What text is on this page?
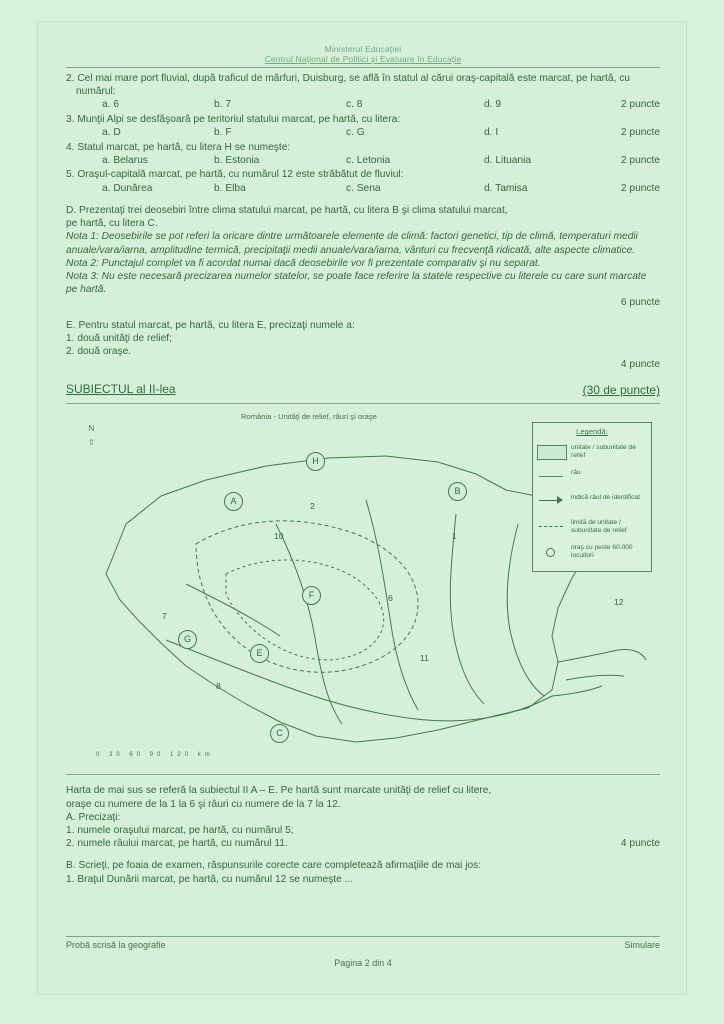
Ministerul Educaţiei
Centrul Naţional de Politici şi Evaluare în Educaţie
2. Cel mai mare port fluvial, după traficul de mărfuri, Duisburg, se află în statul al cărui oraş-capitală este marcat, pe hartă, cu numărul:
a. 6	b. 7	c. 8	d. 9	2 puncte
3. Munţii Alpi se desfăşoară pe teritoriul statului marcat, pe hartă, cu litera:
a. D	b. F	c. G	d. I	2 puncte
4. Statul marcat, pe hartă, cu litera H se numeşte:
a. Belarus	b. Estonia	c. Letonia	d. Lituania	2 puncte
5. Oraşul-capitală marcat, pe hartă, cu numărul 12 este străbătut de fluviul:
a. Dunărea	b. Elba	c. Sena	d. Tamisa	2 puncte
D. Prezentaţi trei deosebiri între clima statului marcat, pe hartă, cu litera B şi clima statului marcat,
pe hartă, cu litera C.
Nota 1: Deosebirile se pot referi la oricare dintre următoarele elemente de climă: factori genetici, tip de climă, temperaturi medii anuale/vara/iarna, amplitudine termică, precipitaţii medii anuale/vara/iarna, vânturi cu frecvenţă ridicată, alte aspecte climatice.
Nota 2: Punctajul complet va fi acordat numai dacă deosebirile vor fi prezentate comparativ şi nu separat.
Nota 3: Nu este necesară precizarea numelor statelor, se poate face referire la statele respective cu literele cu care sunt marcate pe hartă.
6 puncte
E. Pentru statul marcat, pe hartă, cu litera E, precizaţi numele a:
1. două unităţi de relief;
2. două oraşe.
4 puncte
SUBIECTUL al II-lea	(30 de puncte)
România - Unităţi de relief, râuri şi oraşe
N
⇧
A
B
C
E
F
G
H
2
1
10
6
7
8
11
12
0 30 60 90 120 km
Legendă:
unitate / subunitate de relief
râu
indică râul de identificat
limită de unitate / subunitate de relief
oraş cu peste 60.000 locuitori
Harta de mai sus se referă la subiectul II A – E. Pe hartă sunt marcate unităţi de relief cu litere,
oraşe cu numere de la 1 la 6 şi râuri cu numere de la 7 la 12.
A. Precizaţi:
1. numele oraşului marcat, pe hartă, cu numărul 5;
2. numele râului marcat, pe hartă, cu numărul 11.	4 puncte
B. Scrieţi, pe foaia de examen, răspunsurile corecte care completează afirmaţiile de mai jos:
1. Braţul Dunării marcat, pe hartă, cu numărul 12 se numeşte ...
Probă scrisă la geografie	Simulare
Pagina 2 din 4
